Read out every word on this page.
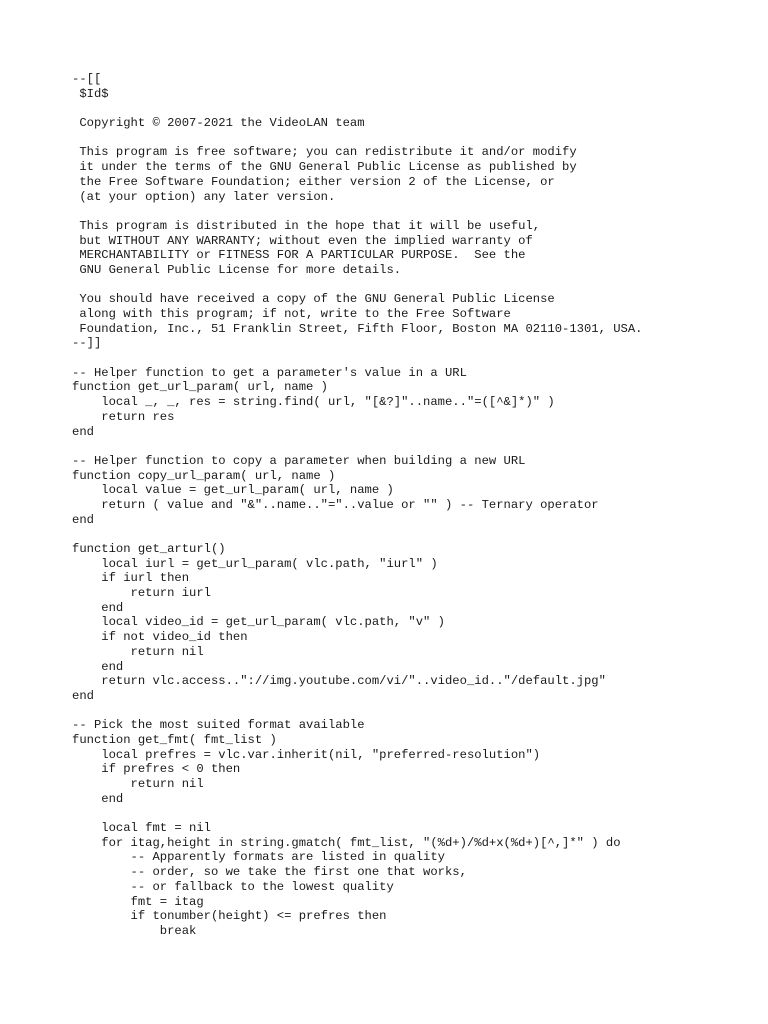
--[[
$Id$
Copyright © 2007-2021 the VideoLAN team
This program is free software; you can redistribute it and/or modify
it under the terms of the GNU General Public License as published by
the Free Software Foundation; either version 2 of the License, or
(at your option) any later version.
This program is distributed in the hope that it will be useful,
but WITHOUT ANY WARRANTY; without even the implied warranty of
MERCHANTABILITY or FITNESS FOR A PARTICULAR PURPOSE.  See the
GNU General Public License for more details.
You should have received a copy of the GNU General Public License
along with this program; if not, write to the Free Software
Foundation, Inc., 51 Franklin Street, Fifth Floor, Boston MA 02110-1301, USA.
--]]
-- Helper function to get a parameter's value in a URL
function get_url_param( url, name )
local _, _, res = string.find( url, "[&?]"..name.."=([^&]*)" )
return res
end
-- Helper function to copy a parameter when building a new URL
function copy_url_param( url, name )
local value = get_url_param( url, name )
return ( value and "&"..name.."="..value or "" ) -- Ternary operator
end
function get_arturl()
local iurl = get_url_param( vlc.path, "iurl" )
if iurl then
return iurl
end
local video_id = get_url_param( vlc.path, "v" )
if not video_id then
return nil
end
return vlc.access.."://img.youtube.com/vi/"..video_id.."/default.jpg"
end
-- Pick the most suited format available
function get_fmt( fmt_list )
local prefres = vlc.var.inherit(nil, "preferred-resolution")
if prefres < 0 then
return nil
end
local fmt = nil
for itag,height in string.gmatch( fmt_list, "(%d+)/%d+x(%d+)[^,]*" ) do
-- Apparently formats are listed in quality
-- order, so we take the first one that works,
-- or fallback to the lowest quality
fmt = itag
if tonumber(height) <= prefres then
break
